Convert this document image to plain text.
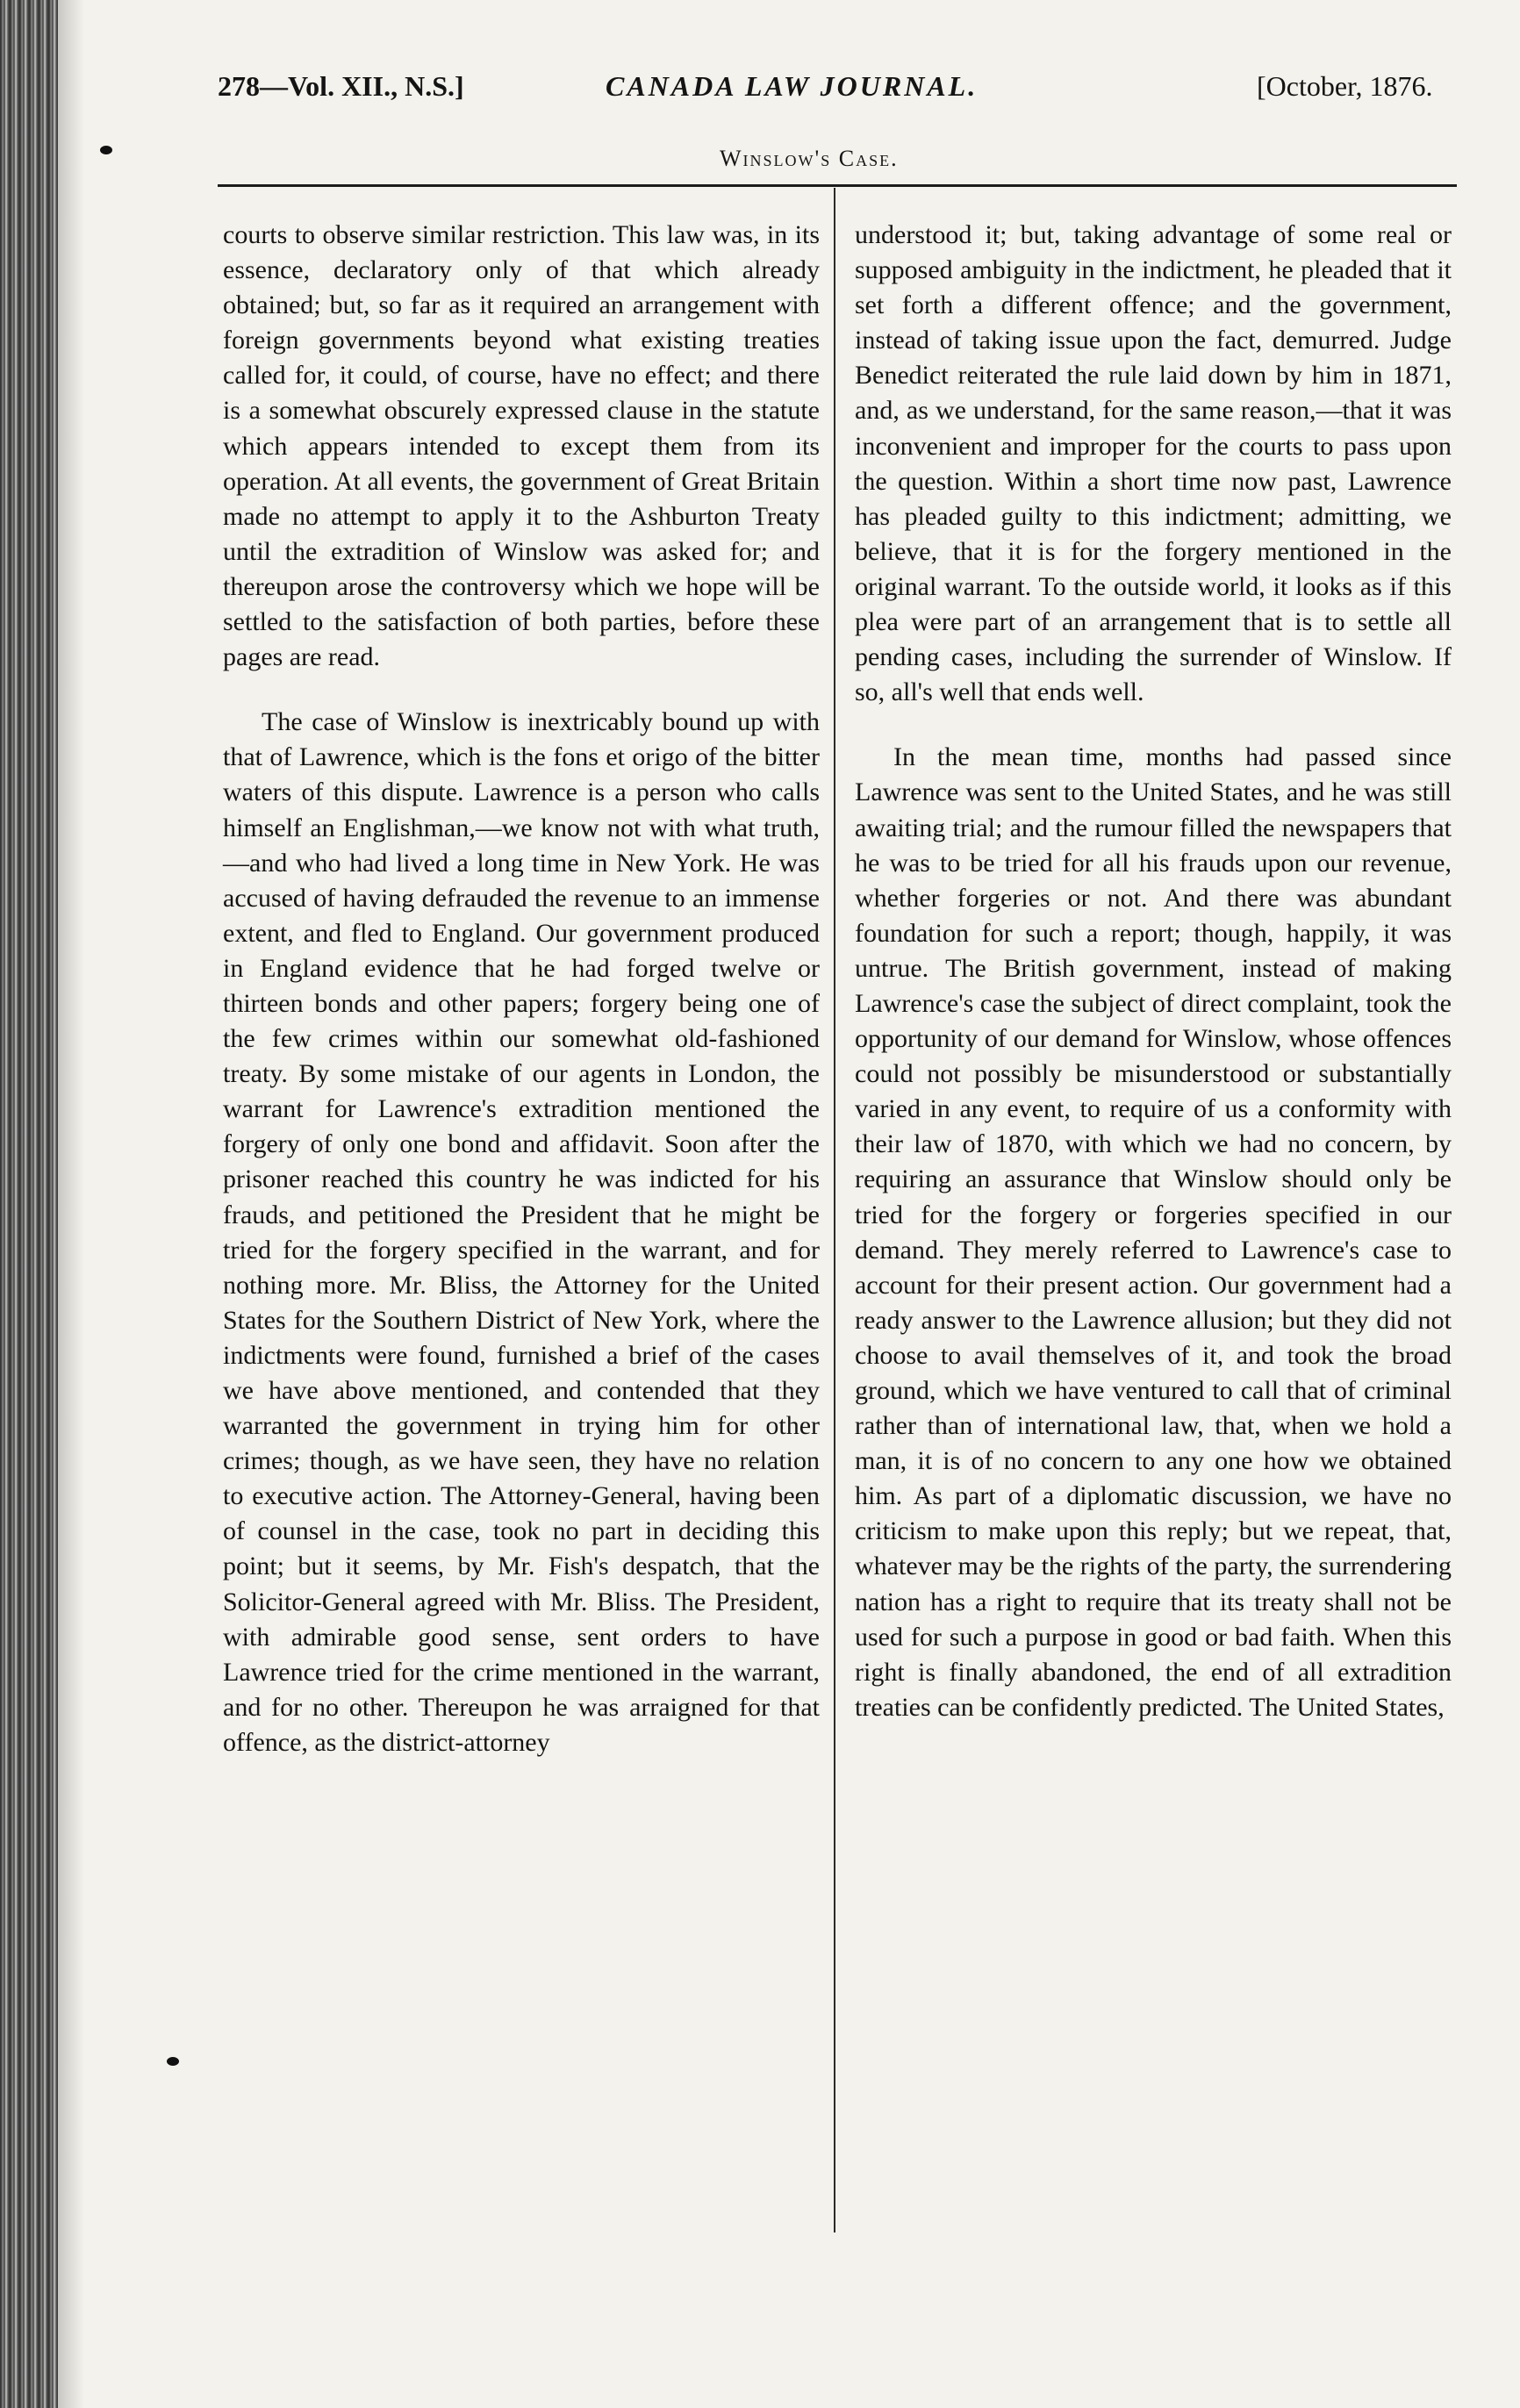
278—Vol. XII., N.S.]	CANADA LAW JOURNAL.	[October, 1876.
Winslow's Case.

courts to observe similar restriction. This law was, in its essence, declaratory only of that which already obtained; but, so far as it required an arrangement with foreign governments beyond what existing treaties called for, it could, of course, have no effect; and there is a somewhat obscurely expressed clause in the statute which appears intended to except them from its operation. At all events, the government of Great Britain made no attempt to apply it to the Ashburton Treaty until the extradition of Winslow was asked for; and thereupon arose the controversy which we hope will be settled to the satisfaction of both parties, before these pages are read.

The case of Winslow is inextricably bound up with that of Lawrence, which is the fons et origo of the bitter waters of this dispute. Lawrence is a person who calls himself an Englishman,—we know not with what truth,—and who had lived a long time in New York. He was accused of having defrauded the revenue to an immense extent, and fled to England. Our government produced in England evidence that he had forged twelve or thirteen bonds and other papers; forgery being one of the few crimes within our somewhat old-fashioned treaty. By some mistake of our agents in London, the warrant for Lawrence's extradition mentioned the forgery of only one bond and affidavit. Soon after the prisoner reached this country he was indicted for his frauds, and petitioned the President that he might be tried for the forgery specified in the warrant, and for nothing more. Mr. Bliss, the Attorney for the United States for the Southern District of New York, where the indictments were found, furnished a brief of the cases we have above mentioned, and contended that they warranted the government in trying him for other crimes; though, as we have seen, they have no relation to executive action. The Attorney-General, having been of counsel in the case, took no part in deciding this point; but it seems, by Mr. Fish's despatch, that the Solicitor-General agreed with Mr. Bliss. The President, with admirable good sense, sent orders to have Lawrence tried for the crime mentioned in the warrant, and for no other. Thereupon he was arraigned for that offence, as the district-attorney

understood it; but, taking advantage of some real or supposed ambiguity in the indictment, he pleaded that it set forth a different offence; and the government, instead of taking issue upon the fact, demurred. Judge Benedict reiterated the rule laid down by him in 1871, and, as we understand, for the same reason,—that it was inconvenient and improper for the courts to pass upon the question. Within a short time now past, Lawrence has pleaded guilty to this indictment; admitting, we believe, that it is for the forgery mentioned in the original warrant. To the outside world, it looks as if this plea were part of an arrangement that is to settle all pending cases, including the surrender of Winslow. If so, all's well that ends well.

In the mean time, months had passed since Lawrence was sent to the United States, and he was still awaiting trial; and the rumour filled the newspapers that he was to be tried for all his frauds upon our revenue, whether forgeries or not. And there was abundant foundation for such a report; though, happily, it was untrue. The British government, instead of making Lawrence's case the subject of direct complaint, took the opportunity of our demand for Winslow, whose offences could not possibly be misunderstood or substantially varied in any event, to require of us a conformity with their law of 1870, with which we had no concern, by requiring an assurance that Winslow should only be tried for the forgery or forgeries specified in our demand. They merely referred to Lawrence's case to account for their present action. Our government had a ready answer to the Lawrence allusion; but they did not choose to avail themselves of it, and took the broad ground, which we have ventured to call that of criminal rather than of international law, that, when we hold a man, it is of no concern to any one how we obtained him. As part of a diplomatic discussion, we have no criticism to make upon this reply; but we repeat, that, whatever may be the rights of the party, the surrendering nation has a right to require that its treaty shall not be used for such a purpose in good or bad faith. When this right is finally abandoned, the end of all extradition treaties can be confidently predicted. The United States,
